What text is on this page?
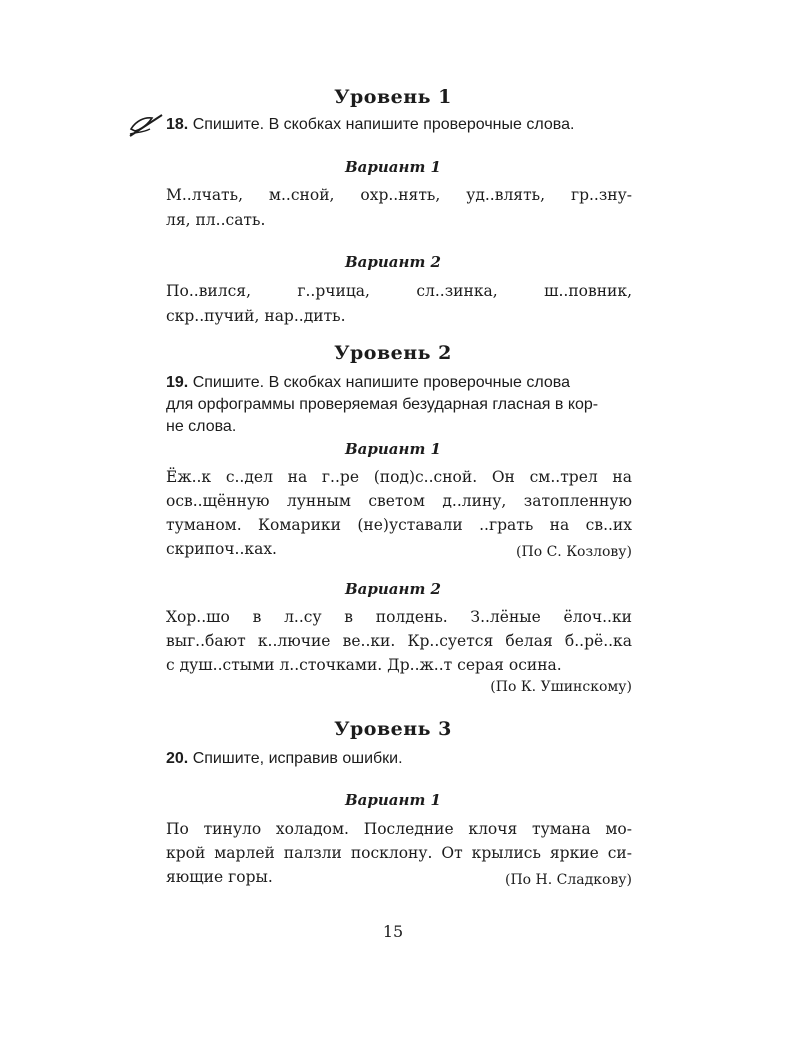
Уровень 1
18. Спишите. В скобках напишите проверочные слова.
Вариант 1
М..лчать, м..сной, охр..нять, уд..влять, гр..зну-
ля, пл..сать.
Вариант 2
По..вился, г..рчица, сл..зинка, ш..повник,
скр..пучий, нар..дить.
Уровень 2
19. Спишите. В скобках напишите проверочные слова
для орфограммы проверяемая безударная гласная в кор-
не слова.
Вариант 1
Ёж..к с..дел на г..ре (под)с..сной. Он см..трел на
осв..щённую лунным светом д..лину, затопленную
туманом. Комарики (не)уставали ..грать на св..их
скрипоч..ках.	(По С. Козлову)
Вариант 2
Хор..шо в л..су в полдень. З..лёные ёлоч..ки
выг..бают к..лючие ве..ки. Кр..суется белая б..рё..ка
с душ..стыми л..сточками. Др..ж..т серая осина.
(По К. Ушинскому)
Уровень 3
20. Спишите, исправив ошибки.
Вариант 1
По тинуло холадом. Последние клочя тумана мо-
крой марлей палзли посклону. От крылись яркие си-
яющие горы.	(По Н. Сладкову)
15
